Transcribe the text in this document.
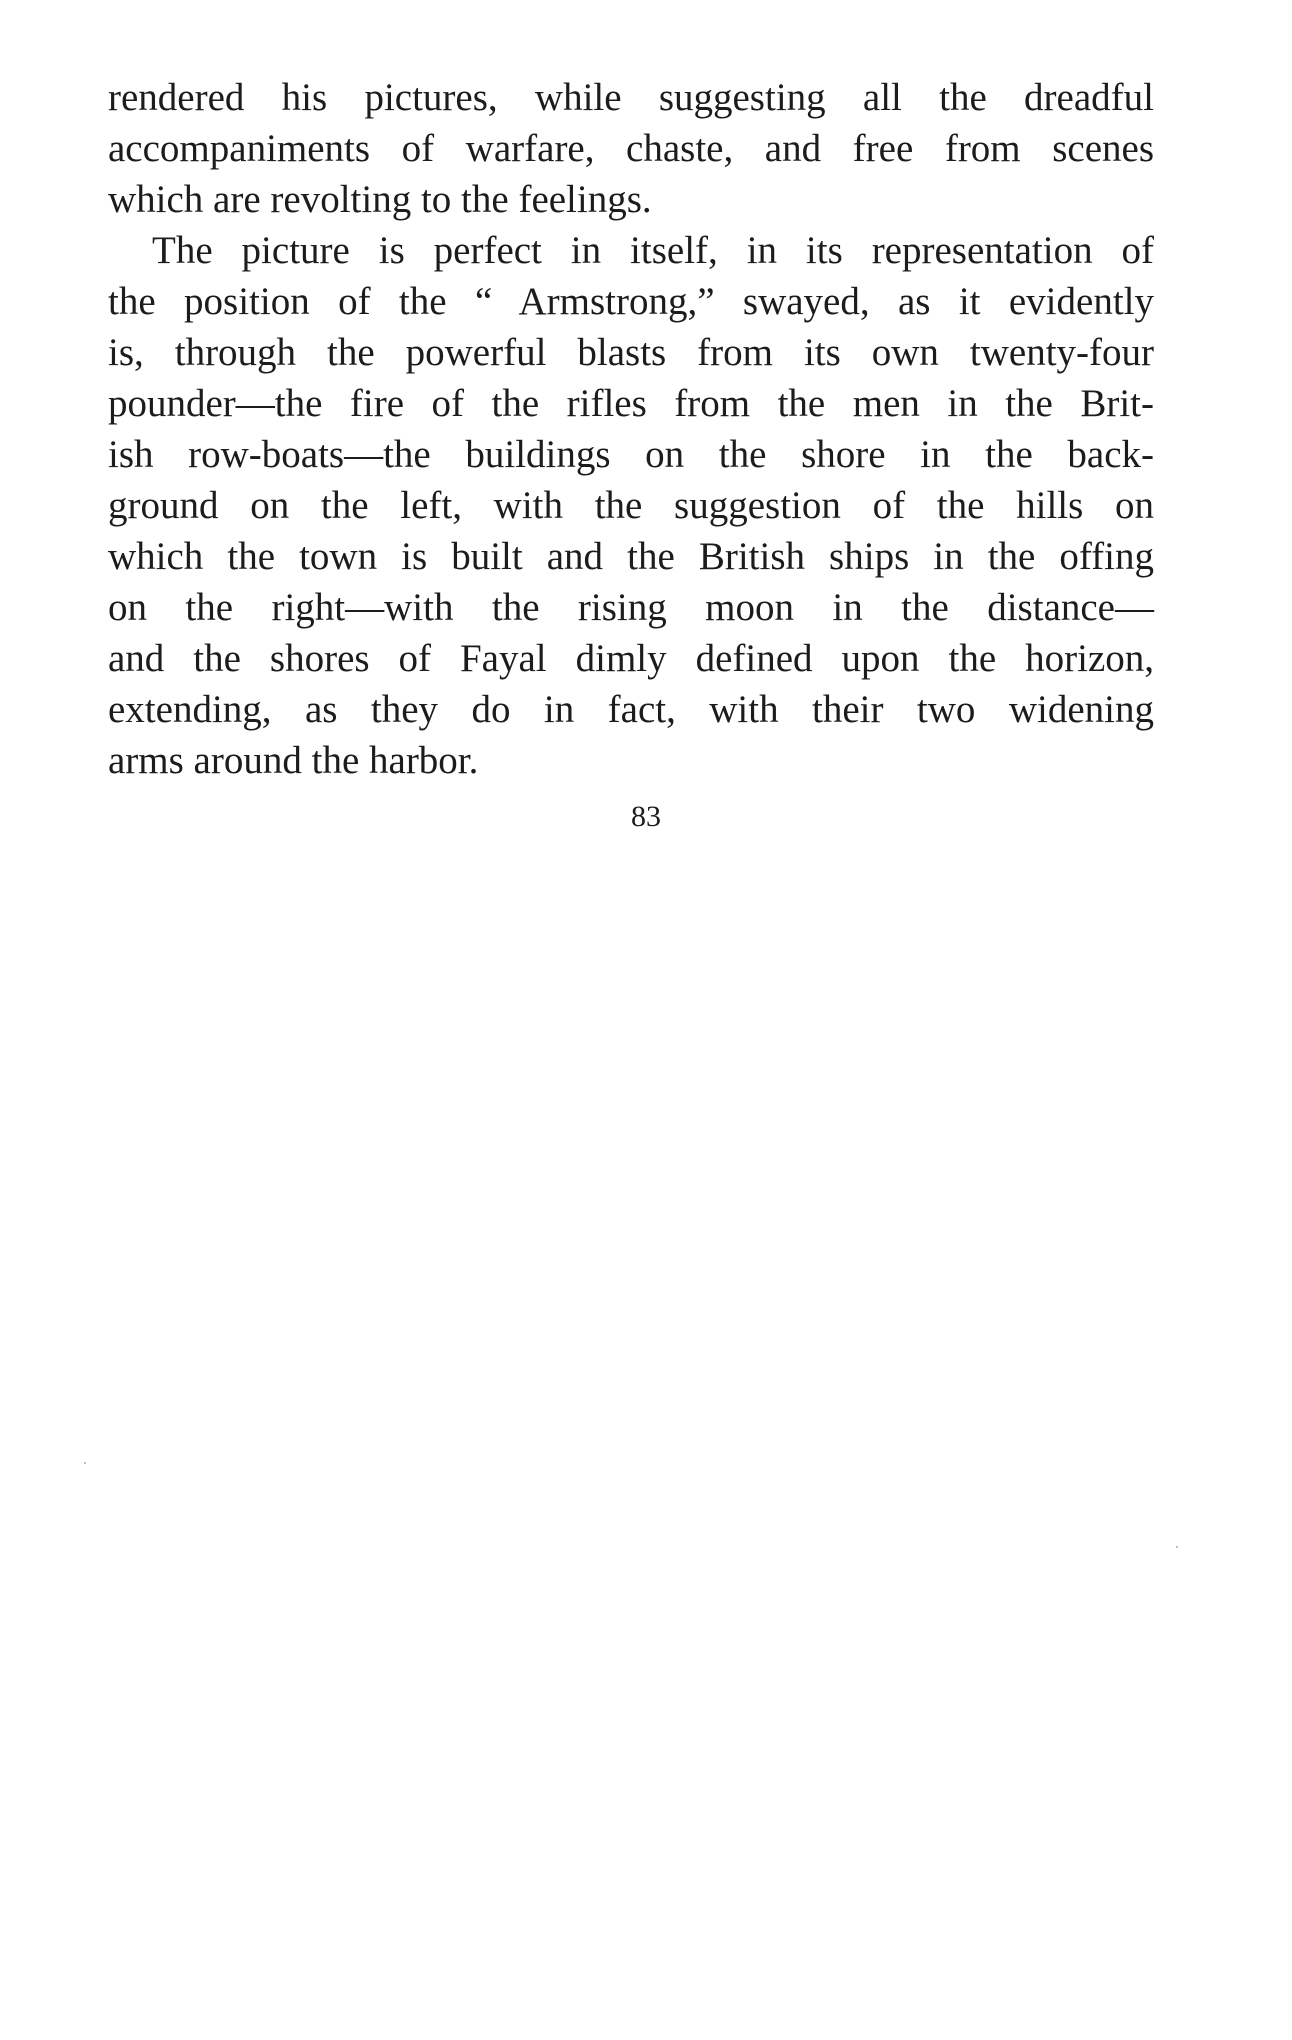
rendered his pictures, while suggesting all the dreadful
accompaniments of warfare, chaste, and free from scenes
which are revolting to the feelings.
The picture is perfect in itself, in its representation of
the position of the “ Armstrong,” swayed, as it evidently
is, through the powerful blasts from its own twenty-four
pounder—the fire of the rifles from the men in the Brit-
ish row-boats—the buildings on the shore in the back-
ground on the left, with the suggestion of the hills on
which the town is built and the British ships in the offing
on the right—with the rising moon in the distance—
and the shores of Fayal dimly defined upon the horizon,
extending, as they do in fact, with their two widening
arms around the harbor.
83
